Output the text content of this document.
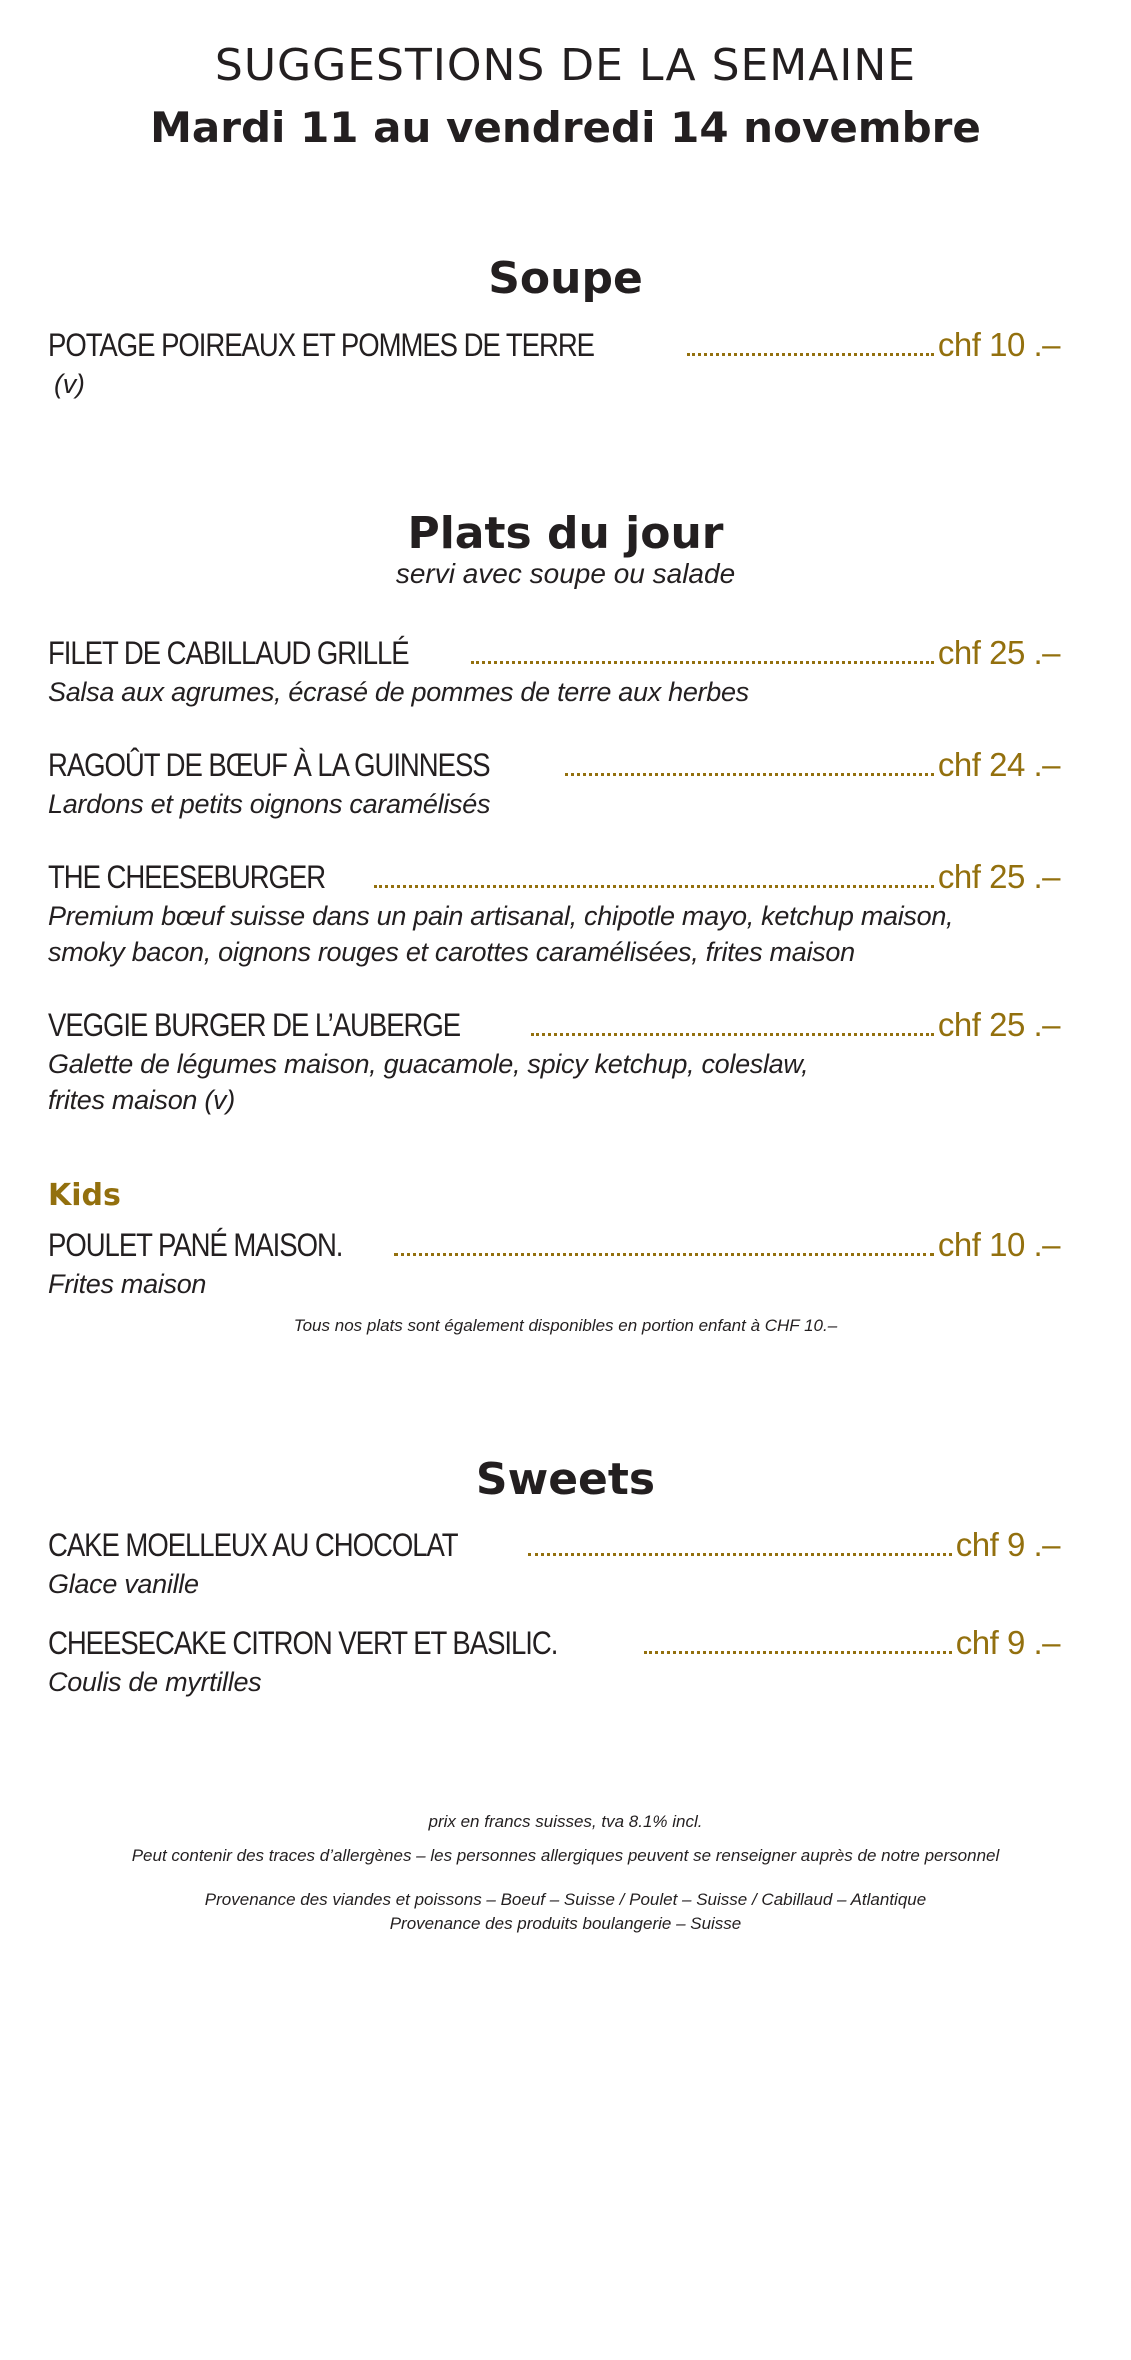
SUGGESTIONS DE LA SEMAINE
Mardi 11 au vendredi 14 novembre
Soupe
POTAGE POIREAUX ET POMMES DE TERRE	chf 10 .–
(v)
Plats du jour
servi avec soupe ou salade
FILET DE CABILLAUD GRILLÉ	chf 25 .–
Salsa aux agrumes, écrasé de pommes de terre aux herbes
RAGOÛT DE BŒUF À LA GUINNESS	chf 24 .–
Lardons et petits oignons caramélisés
THE CHEESEBURGER	chf 25 .–
Premium bœuf suisse dans un pain artisanal, chipotle mayo, ketchup maison,
smoky bacon, oignons rouges et carottes caramélisées, frites maison
VEGGIE BURGER DE L’AUBERGE	chf 25 .–
Galette de légumes maison, guacamole, spicy ketchup, coleslaw,
frites maison (v)
Kids
POULET PANÉ MAISON.	chf 10 .–
Frites maison
Tous nos plats sont également disponibles en portion enfant à CHF 10.–
Sweets
CAKE MOELLEUX AU CHOCOLAT	chf 9 .–
Glace vanille
CHEESECAKE CITRON VERT ET BASILIC.	chf 9 .–
Coulis de myrtilles
prix en francs suisses, tva 8.1% incl.
Peut contenir des traces d’allergènes – les personnes allergiques peuvent se renseigner auprès de notre personnel
Provenance des viandes et poissons – Boeuf – Suisse / Poulet – Suisse / Cabillaud – Atlantique
Provenance des produits boulangerie – Suisse
